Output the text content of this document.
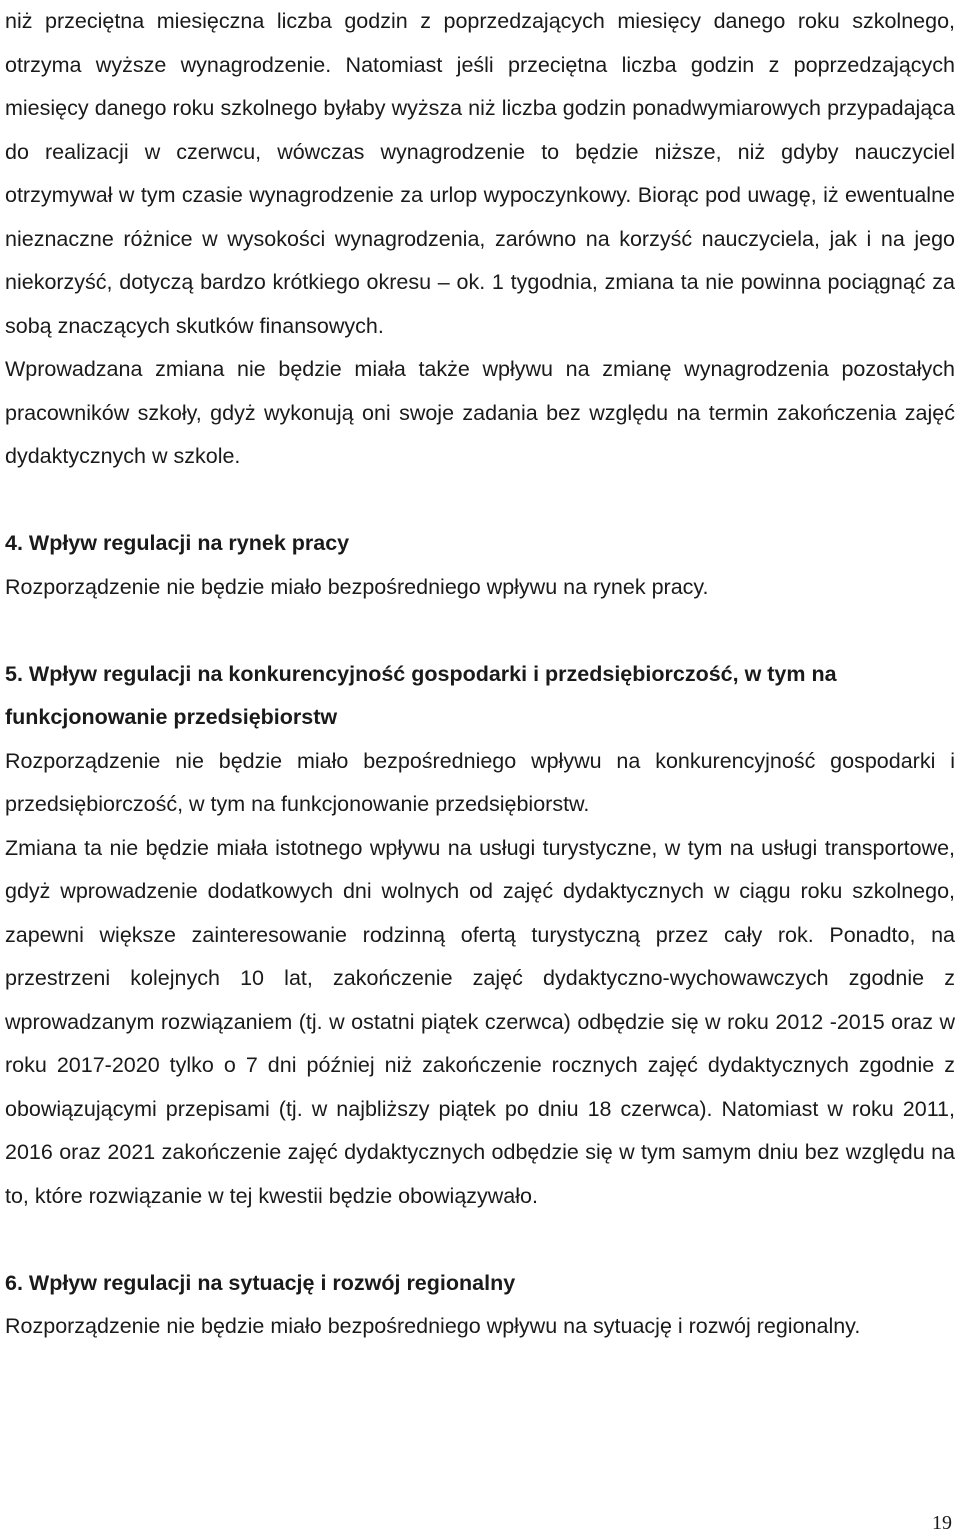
niż przeciętna miesięczna liczba godzin z poprzedzających miesięcy danego roku szkolnego, otrzyma wyższe wynagrodzenie. Natomiast jeśli przeciętna liczba godzin z poprzedzających miesięcy danego roku szkolnego byłaby wyższa niż liczba godzin ponadwymiarowych przypadająca do realizacji w czerwcu, wówczas wynagrodzenie to będzie niższe, niż gdyby nauczyciel otrzymywał w tym czasie wynagrodzenie za urlop wypoczynkowy. Biorąc pod uwagę, iż ewentualne nieznaczne różnice w wysokości wynagrodzenia, zarówno na korzyść nauczyciela, jak i na jego niekorzyść, dotyczą bardzo krótkiego okresu – ok. 1 tygodnia, zmiana ta nie powinna pociągnąć za sobą znaczących skutków finansowych.

Wprowadzana zmiana nie będzie miała także wpływu na zmianę wynagrodzenia pozostałych pracowników szkoły, gdyż wykonują oni swoje zadania bez względu na termin zakończenia zajęć dydaktycznych w szkole.

4. Wpływ regulacji na rynek pracy

Rozporządzenie nie będzie miało bezpośredniego wpływu na rynek pracy.

5. Wpływ regulacji na konkurencyjność gospodarki i przedsiębiorczość, w tym na funkcjonowanie przedsiębiorstw

Rozporządzenie nie będzie miało bezpośredniego wpływu na konkurencyjność gospodarki i przedsiębiorczość, w tym na funkcjonowanie przedsiębiorstw.

Zmiana ta nie będzie miała istotnego wpływu na usługi turystyczne, w tym na usługi transportowe, gdyż wprowadzenie dodatkowych dni wolnych od zajęć dydaktycznych w ciągu roku szkolnego, zapewni większe zainteresowanie rodzinną ofertą turystyczną przez cały rok. Ponadto, na przestrzeni kolejnych 10 lat, zakończenie zajęć dydaktyczno-wychowawczych zgodnie z wprowadzanym rozwiązaniem (tj. w ostatni piątek czerwca) odbędzie się w roku 2012 -2015 oraz w roku 2017-2020 tylko o 7 dni później niż zakończenie rocznych zajęć dydaktycznych zgodnie z obowiązującymi przepisami (tj. w najbliższy piątek po dniu 18 czerwca). Natomiast w roku 2011, 2016 oraz 2021 zakończenie zajęć dydaktycznych odbędzie się w tym samym dniu bez względu na to, które rozwiązanie w tej kwestii będzie obowiązywało.

6. Wpływ regulacji na sytuację i rozwój regionalny

Rozporządzenie nie będzie miało bezpośredniego wpływu na sytuację i rozwój regionalny.

19
